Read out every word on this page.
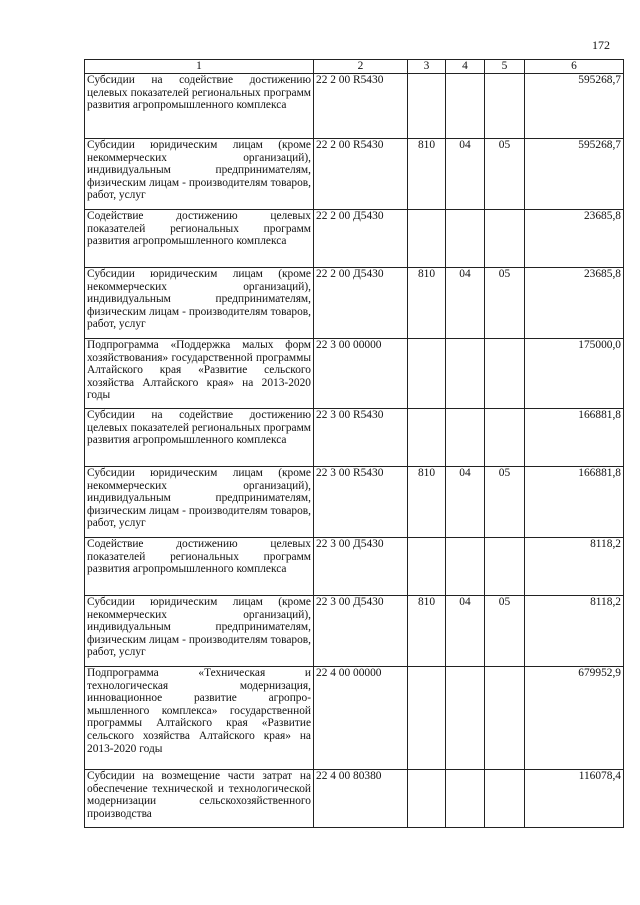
172
1	2	3	4	5	6
Субсидии на содействие достижению целевых показателей региональных программ развития агропромышленного комплекса	22 2 00 R5430				595268,7
Субсидии юридическим лицам (кроме некоммерческих организаций), индивидуальным предпринимателям, физическим лицам - производителям товаров, работ, услуг	22 2 00 R5430	810	04	05	595268,7
Содействие достижению целевых показателей региональных программ развития агропромышленного комплекса	22 2 00 Д5430				23685,8
Субсидии юридическим лицам (кроме некоммерческих организаций), индивидуальным предпринимателям, физическим лицам - производителям товаров, работ, услуг	22 2 00 Д5430	810	04	05	23685,8
Подпрограмма «Поддержка малых форм хозяйствования» государственной программы Алтайского края «Развитие сельского хозяйства Алтайского края» на 2013-2020 годы	22 3 00 00000				175000,0
Субсидии на содействие достижению целевых показателей региональных программ развития агропромышленного комплекса	22 3 00 R5430				166881,8
Субсидии юридическим лицам (кроме некоммерческих организаций), индивидуальным предпринимателям, физическим лицам - производителям товаров, работ, услуг	22 3 00 R5430	810	04	05	166881,8
Содействие достижению целевых показателей региональных программ развития агропромышленного комплекса	22 3 00 Д5430				8118,2
Субсидии юридическим лицам (кроме некоммерческих организаций), индивидуальным предпринимателям, физическим лицам - производителям товаров, работ, услуг	22 3 00 Д5430	810	04	05	8118,2
Подпрограмма «Техническая и технологическая модернизация, инновационное развитие агропромышленного комплекса» государственной программы Алтайского края «Развитие сельского хозяйства Алтайского края» на 2013-2020 годы	22 4 00 00000				679952,9
Субсидии на возмещение части затрат на обеспечение технической и технологической модернизации сельскохозяйственного производства	22 4 00 80380				116078,4
